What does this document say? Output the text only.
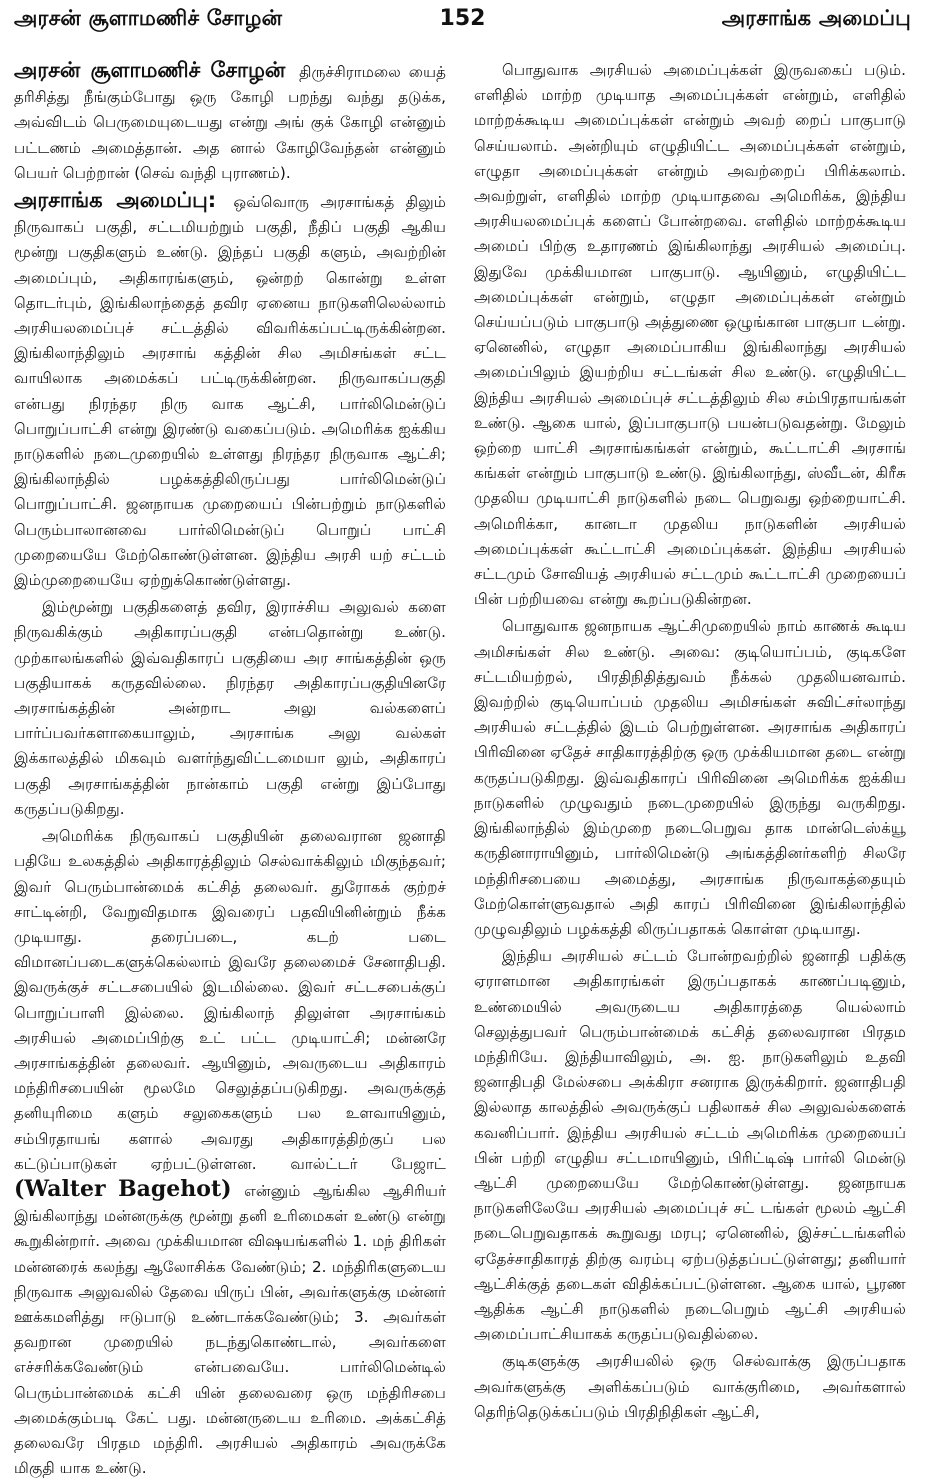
அரசன் சூளாமணிச் சோழன்	152	அரசாங்க அமைப்பு

அரசன் சூளாமணிச் சோழன் திருச்சிராமலை யைத் தரிசித்து நீங்கும்போது ஒரு கோழி பறந்து வந்து தடுக்க, அவ்விடம் பெருமையுடையது என்று அங் குக் கோழி என்னும் பட்டணம் அமைத்தான். அத னால் கோழிவேந்தன் என்னும் பெயர் பெற்றான் (செவ் வந்தி புராணம்).

அரசாங்க அமைப்பு: ஒவ்வொரு அரசாங்கத் திலும் நிருவாகப் பகுதி, சட்டமியற்றும் பகுதி, நீதிப் பகுதி ஆகிய மூன்று பகுதிகளும் உண்டு. இந்தப் பகுதி களும், அவற்றின் அமைப்பும், அதிகாரங்களும், ஒன்றற் கொன்று உள்ள தொடர்பும், இங்கிலாந்தைத் தவிர ஏனைய நாடுகளிலெல்லாம் அரசியலமைப்புச் சட்டத்தில் விவரிக்கப்பட்டிருக்கின்றன. இங்கிலாந்திலும் அரசாங் கத்தின் சில அமிசங்கள் சட்ட வாயிலாக அமைக்கப் பட்டிருக்கின்றன. நிருவாகப்பகுதி என்பது நிரந்தர நிரு வாக ஆட்சி, பார்லிமென்டுப் பொறுப்பாட்சி என்று இரண்டு வகைப்படும். அமெரிக்க ஐக்கிய நாடுகளில் நடைமுறையில் உள்ளது நிரந்தர நிருவாக ஆட்சி; இங்கிலாந்தில் பழக்கத்திலிருப்பது பார்லிமென்டுப் பொறுப்பாட்சி. ஜனநாயக முறையைப் பின்பற்றும் நாடுகளில் பெரும்பாலானவை பார்லிமென்டுப் பொறுப் பாட்சி முறையையே மேற்கொண்டுள்ளன. இந்திய அரசி யற் சட்டம் இம்முறையையே ஏற்றுக்கொண்டுள்ளது.

இம்மூன்று பகுதிகளைத் தவிர, இராச்சிய அலுவல் களை நிருவகிக்கும் அதிகாரப்பகுதி என்பதொன்று உண்டு. முற்காலங்களில் இவ்வதிகாரப் பகுதியை அர சாங்கத்தின் ஒரு பகுதியாகக் கருதவில்லை. நிரந்தர அதிகாரப்பகுதியினரே அரசாங்கத்தின் அன்றாட அலு வல்களைப் பார்ப்பவர்களாகையாலும், அரசாங்க அலு வல்கள் இக்காலத்தில் மிகவும் வளர்ந்துவிட்டமையா லும், அதிகாரப் பகுதி அரசாங்கத்தின் நான்காம் பகுதி என்று இப்போது கருதப்படுகிறது.

அமெரிக்க நிருவாகப் பகுதியின் தலைவரான ஜனாதி பதியே உலகத்தில் அதிகாரத்திலும் செல்வாக்கிலும் மிகுந்தவர்; இவர் பெரும்பான்மைக் கட்சித் தலைவர். துரோகக் குற்றச் சாட்டின்றி, வேறுவிதமாக இவரைப் பதவியினின்றும் நீக்க முடியாது. தரைப்படை, கடற் படை விமானப்படைகளுக்கெல்லாம் இவரே தலைமைச் சேனாதிபதி. இவருக்குச் சட்டசபையில் இடமில்லை. இவர் சட்டசபைக்குப் பொறுப்பாளி இல்லை. இங்கிலாந் திலுள்ள அரசாங்கம் அரசியல் அமைப்பிற்கு உட் பட்ட முடியாட்சி; மன்னரே அரசாங்கத்தின் தலைவர். ஆயினும், அவருடைய அதிகாரம் மந்திரிசபையின் மூலமே செலுத்தப்படுகிறது. அவருக்குத் தனியுரிமை களும் சலுகைகளும் பல உளவாயினும், சம்பிரதாயங் களால் அவரது அதிகாரத்திற்குப் பல கட்டுப்பாடுகள் ஏற்பட்டுள்ளன. வால்ட்டர் பேஜாட் (Walter Bagehot) என்னும் ஆங்கில ஆசிரியர் இங்கிலாந்து மன்னருக்கு மூன்று தனி உரிமைகள் உண்டு என்று கூறுகின்றார். அவை முக்கியமான விஷயங்களில் 1. மந் திரிகள் மன்னரைக் கலந்து ஆலோசிக்க வேண்டும்; 2. மந்திரிகளுடைய நிருவாக அலுவலில் தேவை யிருப் பின், அவர்களுக்கு மன்னர் ஊக்கமளித்து ஈடுபாடு உண்டாக்கவேண்டும்; 3. அவர்கள் தவறான முறையில் நடந்துகொண்டால், அவர்களை எச்சரிக்கவேண்டும் என்பவையே. பார்லிமென்டில் பெரும்பான்மைக் கட்சி யின் தலைவரை ஒரு மந்திரிசபை அமைக்கும்படி கேட் பது. மன்னருடைய உரிமை. அக்கட்சித் தலைவரே பிரதம மந்திரி. அரசியல் அதிகாரம் அவருக்கே மிகுதி யாக உண்டு.

பொதுவாக அரசியல் அமைப்புக்கள் இருவகைப் படும். எளிதில் மாற்ற முடியாத அமைப்புக்கள் என்றும், எளிதில் மாற்றக்கூடிய அமைப்புக்கள் என்றும் அவற் றைப் பாகுபாடு செய்யலாம். அன்றியும் எழுதியிட்ட அமைப்புக்கள் என்றும், எழுதா அமைப்புக்கள் என்றும் அவற்றைப் பிரிக்கலாம். அவற்றுள், எளிதில் மாற்ற முடியாதவை அமெரிக்க, இந்திய அரசியலமைப்புக் களைப் போன்றவை. எளிதில் மாற்றக்கூடிய அமைப் பிற்கு உதாரணம் இங்கிலாந்து அரசியல் அமைப்பு. இதுவே முக்கியமான பாகுபாடு. ஆயினும், எழுதியிட்ட அமைப்புக்கள் என்றும், எழுதா அமைப்புக்கள் என்றும் செய்யப்படும் பாகுபாடு அத்துணை ஒழுங்கான பாகுபா டன்று. ஏனெனில், எழுதா அமைப்பாகிய இங்கிலாந்து அரசியல் அமைப்பிலும் இயற்றிய சட்டங்கள் சில உண்டு. எழுதியிட்ட இந்திய அரசியல் அமைப்புச் சட்டத்திலும் சில சம்பிரதாயங்கள் உண்டு. ஆகை யால், இப்பாகுபாடு பயன்படுவதன்று. மேலும் ஒற்றை யாட்சி அரசாங்கங்கள் என்றும், கூட்டாட்சி அரசாங் கங்கள் என்றும் பாகுபாடு உண்டு. இங்கிலாந்து, ஸ்வீடன், கிரீசு முதலிய முடியாட்சி நாடுகளில் நடை பெறுவது ஒற்றையாட்சி. அமெரிக்கா, கானடா முதலிய நாடுகளின் அரசியல் அமைப்புக்கள் கூட்டாட்சி அமைப்புக்கள். இந்திய அரசியல் சட்டமும் சோவியத் அரசியல் சட்டமும் கூட்டாட்சி முறையைப் பின் பற்றியவை என்று கூறப்படுகின்றன.

பொதுவாக ஜனநாயக ஆட்சிமுறையில் நாம் காணக் கூடிய அமிசங்கள் சில உண்டு. அவை: குடியொப்பம், குடிகளே சட்டமியற்றல், பிரதிநிதித்துவம் நீக்கல் முதலியனவாம். இவற்றில் குடியொப்பம் முதலிய அமிசங்கள் சுவிட்சர்லாந்து அரசியல் சட்டத்தில் இடம் பெற்றுள்ளன. அரசாங்க அதிகாரப் பிரிவினை ஏதேச் சாதிகாரத்திற்கு ஒரு முக்கியமான தடை என்று கருதப்படுகிறது. இவ்வதிகாரப் பிரிவினை அமெரிக்க ஐக்கிய நாடுகளில் முழுவதும் நடைமுறையில் இருந்து வருகிறது. இங்கிலாந்தில் இம்முறை நடைபெறுவ தாக மான்டெஸ்க்யூ கருதினாராயினும், பார்லிமென்டு அங்கத்தினர்களிற் சிலரே மந்திரிசபையை அமைத்து, அரசாங்க நிருவாகத்தையும் மேற்கொள்ளுவதால் அதி காரப் பிரிவினை இங்கிலாந்தில் முழுவதிலும் பழக்கத்தி லிருப்பதாகக் கொள்ள முடியாது.

இந்திய அரசியல் சட்டம் போன்றவற்றில் ஜனாதி பதிக்கு ஏராளமான அதிகாரங்கள் இருப்பதாகக் காணப்படினும், உண்மையில் அவருடைய அதிகாரத்தை யெல்லாம் செலுத்துபவர் பெரும்பான்மைக் கட்சித் தலைவரான பிரதம மந்திரியே. இந்தியாவிலும், அ. ஐ. நாடுகளிலும் உதவி ஜனாதிபதி மேல்சபை அக்கிரா சனராக இருக்கிறார். ஜனாதிபதி இல்லாத காலத்தில் அவருக்குப் பதிலாகச் சில அலுவல்களைக் கவனிப்பார். இந்திய அரசியல் சட்டம் அமெரிக்க முறையைப் பின் பற்றி எழுதிய சட்டமாயினும், பிரிட்டிஷ் பார்லி மென்டு ஆட்சி முறையையே மேற்கொண்டுள்ளது. ஜனநாயக நாடுகளிலேயே அரசியல் அமைப்புச் சட் டங்கள் மூலம் ஆட்சி நடைபெறுவதாகக் கூறுவது மரபு; ஏனெனில், இச்சட்டங்களில் ஏதேச்சாதிகாரத் திற்கு வரம்பு ஏற்படுத்தப்பட்டுள்ளது; தனியார் ஆட்சிக்குத் தடைகள் விதிக்கப்பட்டுள்ளன. ஆகை யால், பூரண ஆதிக்க ஆட்சி நாடுகளில் நடைபெறும் ஆட்சி அரசியல் அமைப்பாட்சியாகக் கருதப்படுவதில்லை.

குடிகளுக்கு அரசியலில் ஒரு செல்வாக்கு இருப்பதாக அவர்களுக்கு அளிக்கப்படும் வாக்குரிமை, அவர்களால் தெரிந்தெடுக்கப்படும் பிரதிநிதிகள் ஆட்சி,
